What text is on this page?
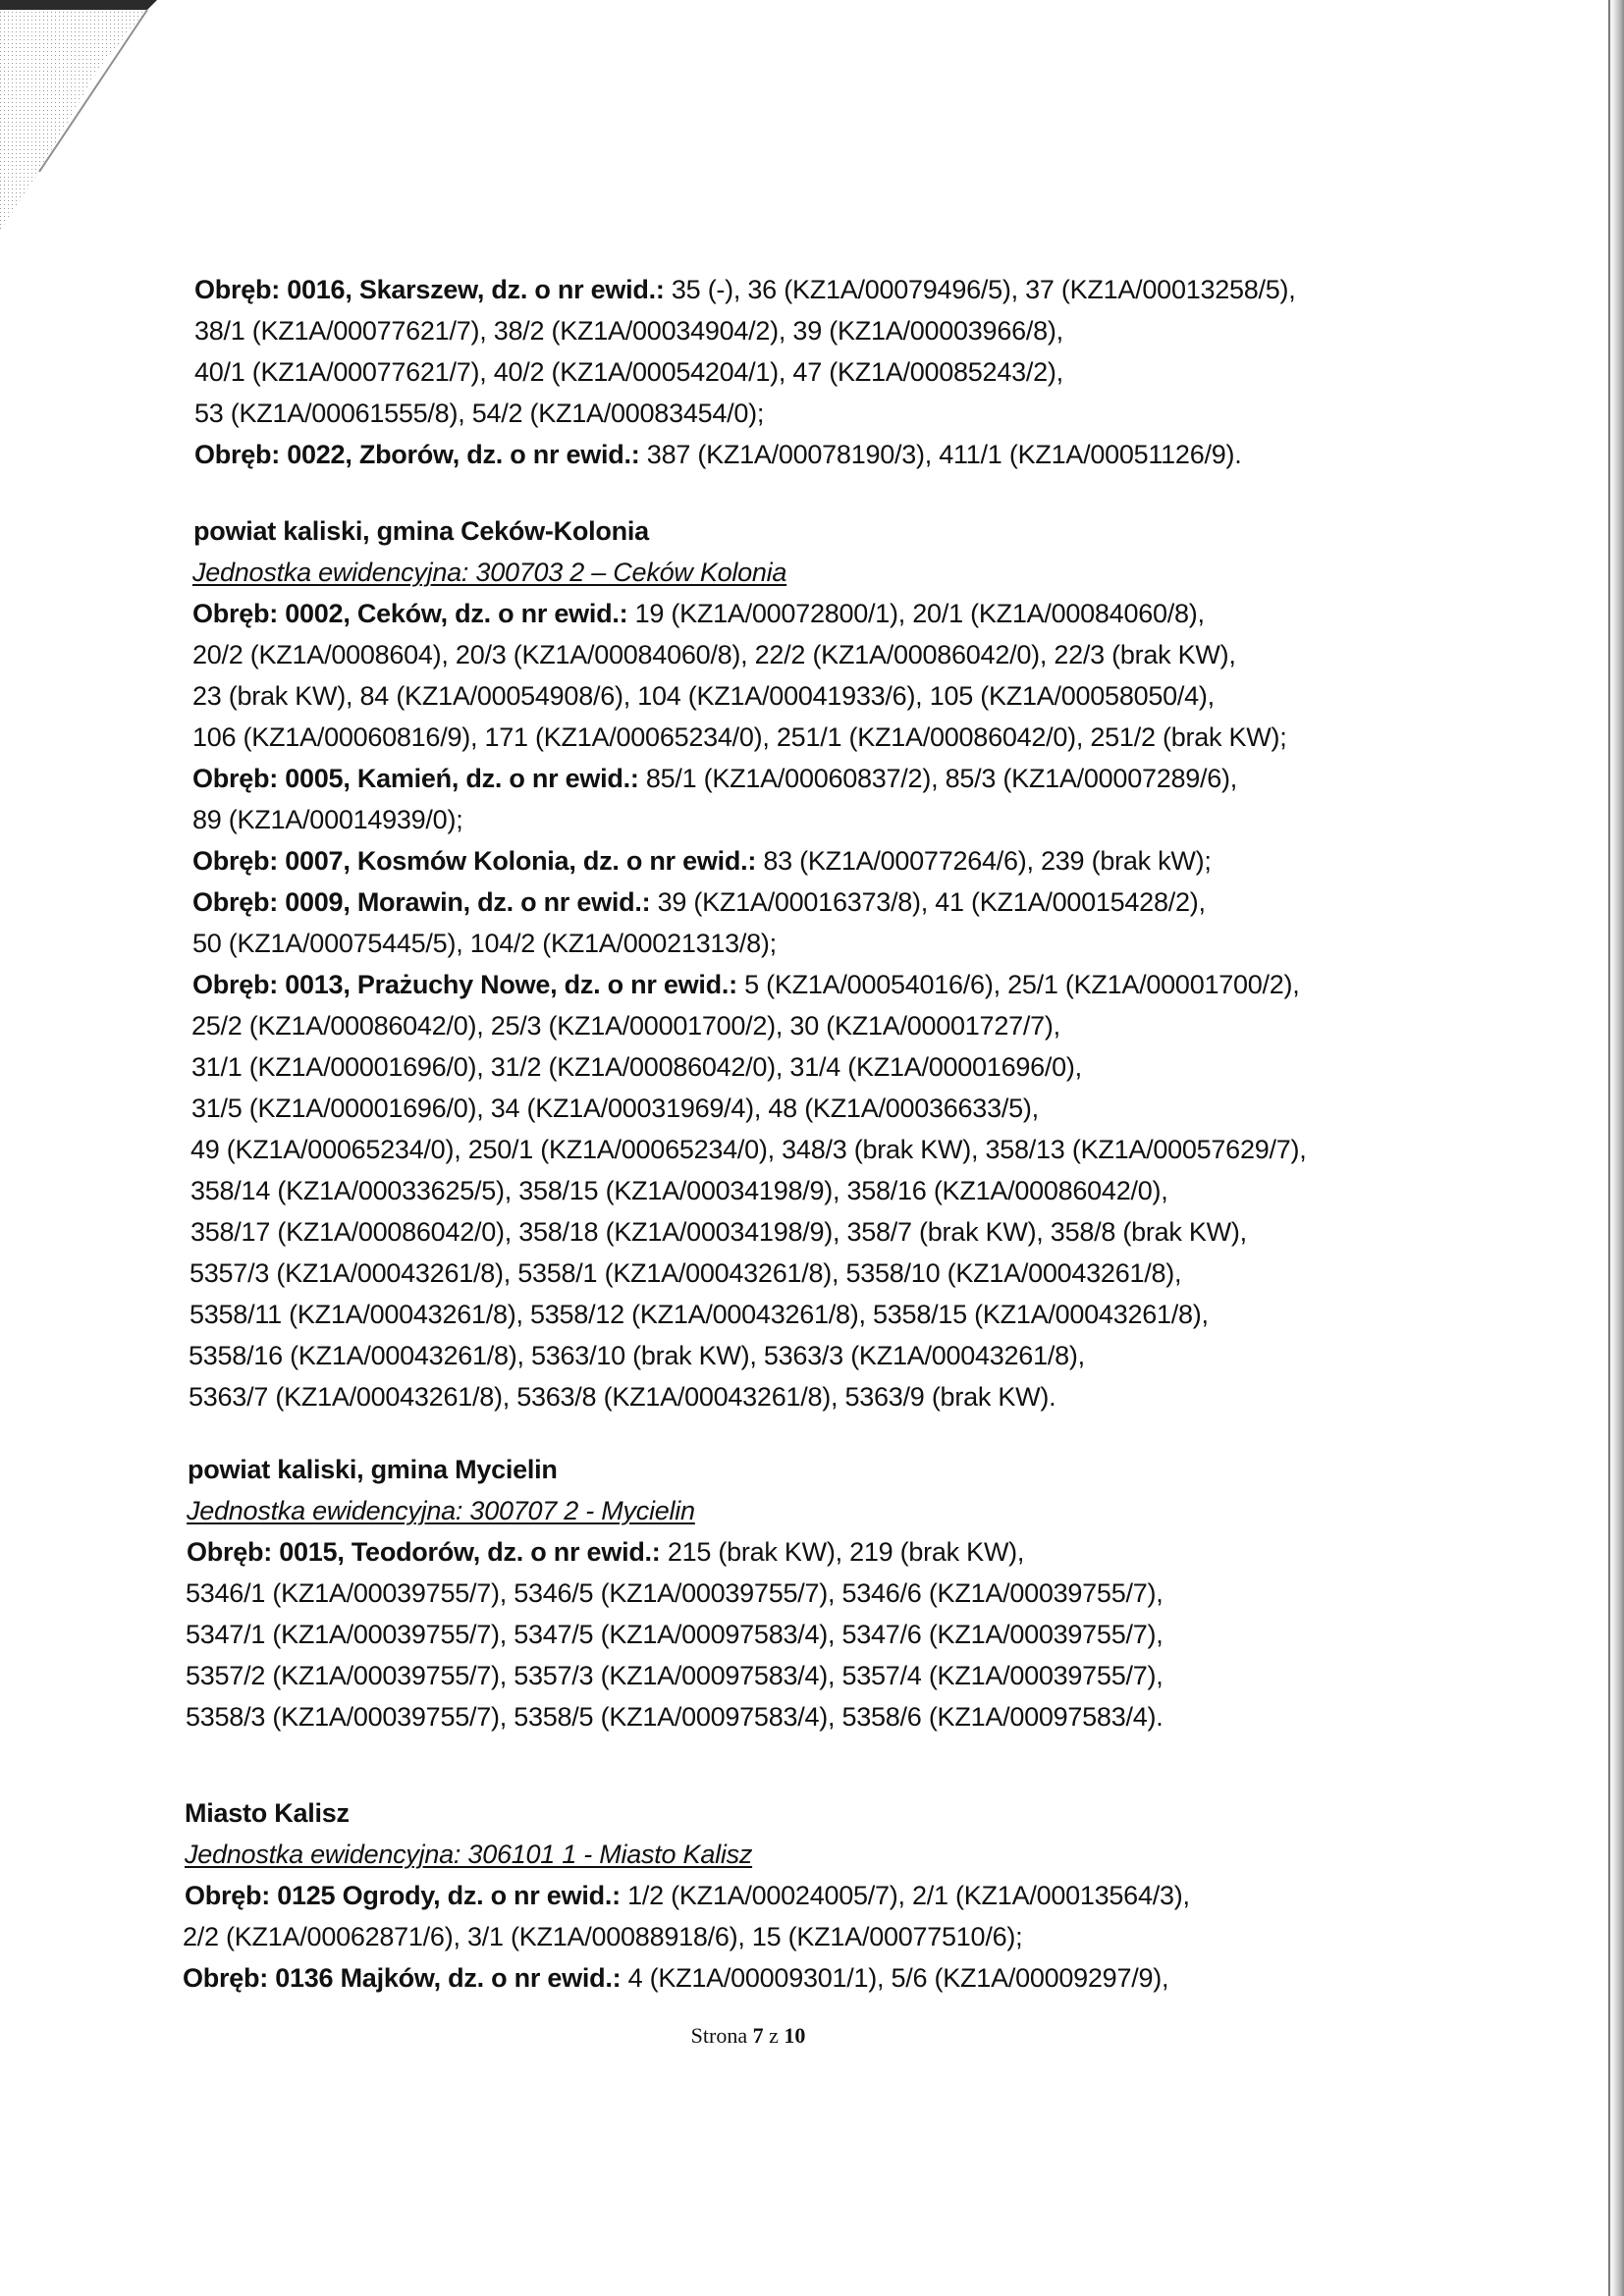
Obręb: 0016, Skarszew, dz. o nr ewid.: 35 (-), 36 (KZ1A/00079496/5), 37 (KZ1A/00013258/5),
38/1 (KZ1A/00077621/7), 38/2 (KZ1A/00034904/2), 39 (KZ1A/00003966/8),
40/1 (KZ1A/00077621/7), 40/2 (KZ1A/00054204/1), 47 (KZ1A/00085243/2),
53 (KZ1A/00061555/8), 54/2 (KZ1A/00083454/0);
Obręb: 0022, Zborów, dz. o nr ewid.: 387 (KZ1A/00078190/3), 411/1 (KZ1A/00051126/9).
powiat kaliski, gmina Ceków-Kolonia
Jednostka ewidencyjna: 300703 2 – Ceków Kolonia
Obręb: 0002, Ceków, dz. o nr ewid.: 19 (KZ1A/00072800/1), 20/1 (KZ1A/00084060/8),
20/2 (KZ1A/0008604), 20/3 (KZ1A/00084060/8), 22/2 (KZ1A/00086042/0), 22/3 (brak KW),
23 (brak KW), 84 (KZ1A/00054908/6), 104 (KZ1A/00041933/6), 105 (KZ1A/00058050/4),
106 (KZ1A/00060816/9), 171 (KZ1A/00065234/0), 251/1 (KZ1A/00086042/0), 251/2 (brak KW);
Obręb: 0005, Kamień, dz. o nr ewid.: 85/1 (KZ1A/00060837/2), 85/3 (KZ1A/00007289/6),
89 (KZ1A/00014939/0);
Obręb: 0007, Kosmów Kolonia, dz. o nr ewid.: 83 (KZ1A/00077264/6), 239 (brak kW);
Obręb: 0009, Morawin, dz. o nr ewid.: 39 (KZ1A/00016373/8), 41 (KZ1A/00015428/2),
50 (KZ1A/00075445/5), 104/2 (KZ1A/00021313/8);
Obręb: 0013, Prażuchy Nowe, dz. o nr ewid.: 5 (KZ1A/00054016/6), 25/1 (KZ1A/00001700/2),
25/2 (KZ1A/00086042/0), 25/3 (KZ1A/00001700/2), 30 (KZ1A/00001727/7),
31/1 (KZ1A/00001696/0), 31/2 (KZ1A/00086042/0), 31/4 (KZ1A/00001696/0),
31/5 (KZ1A/00001696/0), 34 (KZ1A/00031969/4), 48 (KZ1A/00036633/5),
49 (KZ1A/00065234/0), 250/1 (KZ1A/00065234/0), 348/3 (brak KW), 358/13 (KZ1A/00057629/7),
358/14 (KZ1A/00033625/5), 358/15 (KZ1A/00034198/9), 358/16 (KZ1A/00086042/0),
358/17 (KZ1A/00086042/0), 358/18 (KZ1A/00034198/9), 358/7 (brak KW), 358/8 (brak KW),
5357/3 (KZ1A/00043261/8), 5358/1 (KZ1A/00043261/8), 5358/10 (KZ1A/00043261/8),
5358/11 (KZ1A/00043261/8), 5358/12 (KZ1A/00043261/8), 5358/15 (KZ1A/00043261/8),
5358/16 (KZ1A/00043261/8), 5363/10 (brak KW), 5363/3 (KZ1A/00043261/8),
5363/7 (KZ1A/00043261/8), 5363/8 (KZ1A/00043261/8), 5363/9 (brak KW).
powiat kaliski, gmina Mycielin
Jednostka ewidencyjna: 300707 2 - Mycielin
Obręb: 0015, Teodorów, dz. o nr ewid.: 215 (brak KW), 219 (brak KW),
5346/1 (KZ1A/00039755/7), 5346/5 (KZ1A/00039755/7), 5346/6 (KZ1A/00039755/7),
5347/1 (KZ1A/00039755/7), 5347/5 (KZ1A/00097583/4), 5347/6 (KZ1A/00039755/7),
5357/2 (KZ1A/00039755/7), 5357/3 (KZ1A/00097583/4), 5357/4 (KZ1A/00039755/7),
5358/3 (KZ1A/00039755/7), 5358/5 (KZ1A/00097583/4), 5358/6 (KZ1A/00097583/4).
Miasto Kalisz
Jednostka ewidencyjna: 306101 1 - Miasto Kalisz
Obręb: 0125 Ogrody, dz. o nr ewid.: 1/2 (KZ1A/00024005/7), 2/1 (KZ1A/00013564/3),
2/2 (KZ1A/00062871/6), 3/1 (KZ1A/00088918/6), 15 (KZ1A/00077510/6);
Obręb: 0136 Majków, dz. o nr ewid.: 4 (KZ1A/00009301/1), 5/6 (KZ1A/00009297/9),
Strona 7 z 10
